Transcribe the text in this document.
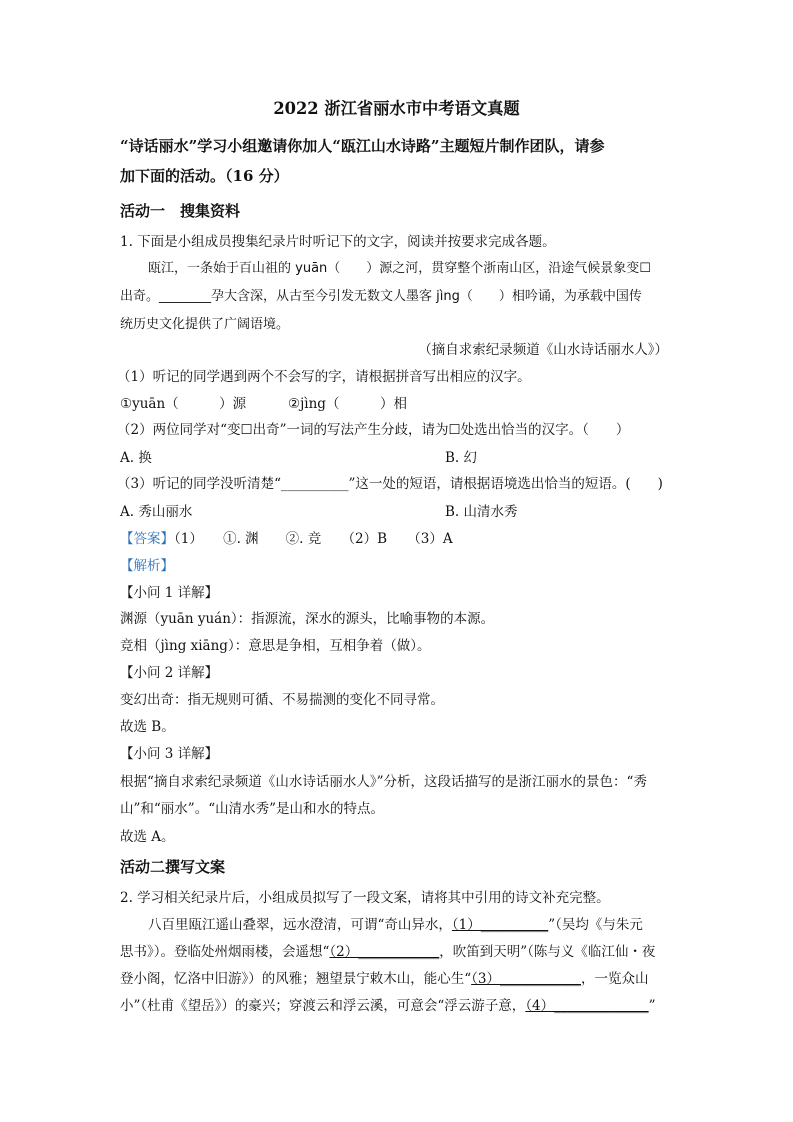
2022 浙江省丽水市中考语文真题
“诗话丽水”学习小组邀请你加人“瓯江山水诗路”主题短片制作团队，请参
加下面的活动。（16 分）
活动一　搜集资料
1. 下面是小组成员搜集纪录片时听记下的文字，阅读并按要求完成各题。
瓯江，一条始于百山祖的 yuān（　　）源之河，贯穿整个浙南山区，沿途气候景象变☐
出奇。________孕大含深，从古至今引发无数文人墨客 jìng（　　）相吟诵，为承载中国传
统历史文化提供了广阔语境。
（摘自求索纪录频道《山水诗话丽水人》）
（1）听记的同学遇到两个不会写的字，请根据拼音写出相应的汉字。
①yuān（　　　）源	②jìng（　　　）相
（2）两位同学对“变☐出奇”一词的写法产生分歧，请为☐处选出恰当的汉字。（　　）
A. 换	B. 幻
（3）听记的同学没听清楚“__________”这一处的短语，请根据语境选出恰当的短语。(　　)
A. 秀山丽水	B. 山清水秀
【答案】（1）　　①. 渊　　②. 竞　　（2）B　　（3）A
【解析】
【小问 1 详解】
渊源（yuān yuán）：指源流，深水的源头，比喻事物的本源。
竞相（jìng xiāng）：意思是争相，互相争着（做）。
【小问 2 详解】
变幻出奇：指无规则可循、不易揣测的变化不同寻常。
故选 B。
【小问 3 详解】
根据“摘自求索纪录频道《山水诗话丽水人》”分析，这段话描写的是浙江丽水的景色：“秀
山”和“丽水”。“山清水秀”是山和水的特点。
故选 A。
活动二撰写文案
2. 学习相关纪录片后，小组成员拟写了一段文案，请将其中引用的诗文补充完整。
八百里瓯江遥山叠翠，远水澄清，可谓“奇山异水，（1）__________”（吴均《与朱元
思书》）。登临处州烟雨楼，会遥想“（2）____________，吹笛到天明”（陈与义《临江仙・夜
登小阁，忆洛中旧游》）的风雅；翘望景宁敕木山，能心生“（3）____________，一览众山
小”（杜甫《望岳》）的豪兴；穿渡云和浮云溪，可意会“浮云游子意，（4）______________”
